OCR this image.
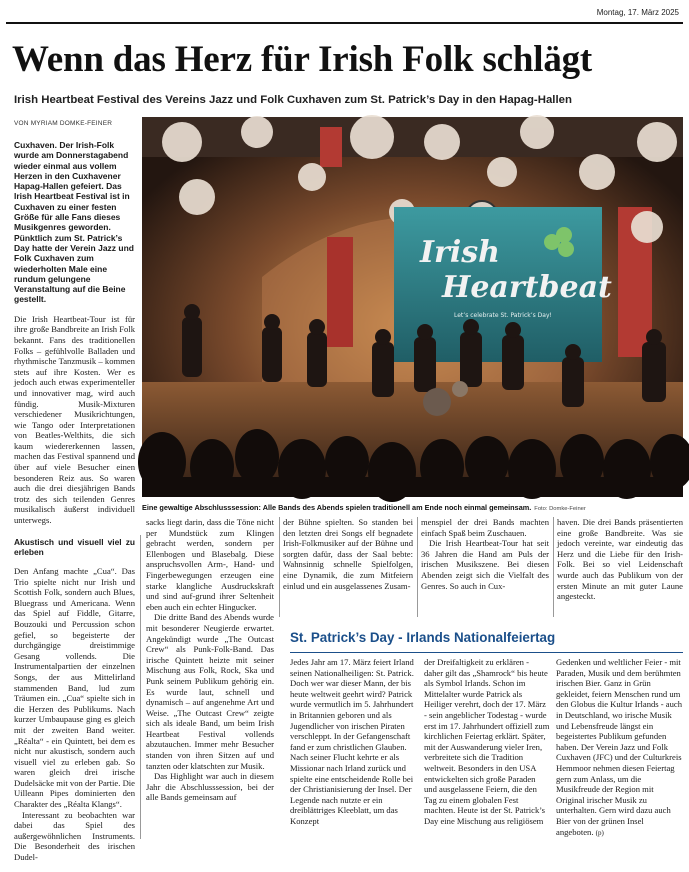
Montag, 17. März 2025
Wenn das Herz für Irish Folk schlägt
Irish Heartbeat Festival des Vereins Jazz und Folk Cuxhaven zum St. Patrick’s Day in den Hapag-Hallen
VON MYRIAM DOMKE-FEINER

Cuxhaven. Der Irish-Folk wurde am Donnerstagabend wieder einmal aus vollem Herzen in den Cuxhavener Hapag-Hallen gefeiert. Das Irish Heartbeat Festival ist in Cuxhaven zu einer festen Größe für alle Fans dieses Musikgenres geworden. Pünktlich zum St. Patrick’s Day hatte der Verein Jazz und Folk Cuxhaven zum wiederholten Male eine rundum gelungene Veranstaltung auf die Beine gestellt.

Die Irish Heartbeat-Tour ist für ihre große Bandbreite an Irish Folk bekannt. Fans des traditionellen Folks – gefühlvolle Balladen und rhythmische Tanzmusik – kommen stets auf ihre Kosten. Wer es jedoch auch etwas experimenteller und innovativer mag, wird auch fündig. Musik-Mixturen verschiedener Musikrichtungen, wie Tango oder Interpretationen von Beatles-Welthits, die sich kaum wiedererkennen lassen, machen das Festival spannend und über auf viele Besucher einen besonderen Reiz aus. So waren auch die drei diesjährigen Bands trotz des sich teilenden Genres musikalisch äußerst individuell unterwegs.

Akustisch und visuell viel zu erleben

Den Anfang machte „Cua“. Das Trio spielte nicht nur Irish und Scottish Folk, sondern auch Blues, Bluegrass und Americana. Wenn das Spiel auf Fiddle, Gitarre, Bouzouki und Percussion schon gefiel, so begeisterte der durchgängige dreistimmige Gesang vollends. Die Instrumentalpartien der einzelnen Songs, der aus Mittelirland stammenden Band, lud zum Träumen ein. „Cua“ spielte sich in die Herzen des Publikums. Nach kurzer Umbaupause ging es gleich mit der zweiten Band weiter. „Réalta“ - ein Quintett, bei dem es nicht nur akustisch, sondern auch visuell viel zu erleben gab. So waren gleich drei irische Dudelsäcke mit von der Partie. Die Uilleann Pipes dominierten den Charakter des „Réalta Klangs“.

Interessant zu beobachten war dabei das Spiel des außergewöhnlichen Instruments. Die Besonderheit des irischen Dudel-

Irish
Heartbeat
Let’s celebrate St. Patrick’s Day!
Eine gewaltige Abschlusssession: Alle Bands des Abends spielen traditionell am Ende noch einmal gemeinsam. Foto: Domke-Feiner

sacks liegt darin, dass die Töne nicht per Mundstück zum Klingen gebracht werden, sondern per Ellenbogen und Blasebalg. Diese anspruchsvollen Arm-, Hand- und Fingerbewegungen erzeugen eine starke klangliche Ausdruckskraft und sind auf-grund ihrer Seltenheit eben auch ein echter Hingucker.

Die dritte Band des Abends wurde mit besonderer Neugierde erwartet. Angekündigt wurde „The Outcast Crew“ als Punk-Folk-Band. Das irische Quintett heizte mit seiner Mischung aus Folk, Rock, Ska und Punk seinem Publikum gehörig ein. Es wurde laut, schnell und dynamisch – auf angenehme Art und Weise. „The Outcast Crew“ zeigte sich als ideale Band, um beim Irish Heartbeat Festival vollends abzutauchen. Immer mehr Besucher standen von ihren Sitzen auf und tanzten oder klatschten zur Musik.

Das Highlight war auch in diesem Jahr die Abschlusssession, bei der alle Bands gemeinsam auf

der Bühne spielten. So standen bei den letzten drei Songs elf begnadete Irish-Folkmusiker auf der Bühne und sorgten dafür, dass der Saal bebte: Wahnsinnig schnelle Spielfolgen, eine Dynamik, die zum Mitfeiern einlud und ein ausgelassenes Zusam-

menspiel der drei Bands machten einfach Spaß beim Zuschauen.

Die Irish Heartbeat-Tour hat seit 36 Jahren die Hand am Puls der irischen Musikszene. Bei diesen Abenden zeigt sich die Vielfalt des Genres. So auch in Cux-

haven. Die drei Bands präsentierten eine große Bandbreite. Was sie jedoch vereinte, war eindeutig das Herz und die Liebe für den Irish-Folk. Bei so viel Leidenschaft wurde auch das Publikum von der ersten Minute an mit guter Laune angesteckt.

St. Patrick’s Day - Irlands Nationalfeiertag

Jedes Jahr am 17. März feiert Irland seinen Nationalheiligen: St. Patrick. Doch wer war dieser Mann, der bis heute weltweit geehrt wird? Patrick wurde vermutlich im 5. Jahrhundert in Britannien geboren und als Jugendlicher von irischen Piraten verschleppt. In der Gefangenschaft fand er zum christlichen Glauben. Nach seiner Flucht kehrte er als Missionar nach Irland zurück und spielte eine entscheidende Rolle bei der Christianisierung der Insel. Der Legende nach nutzte er ein dreiblättriges Kleeblatt, um das Konzept

der Dreifaltigkeit zu erklären - daher gilt das „Shamrock“ bis heute als Symbol Irlands. Schon im Mittelalter wurde Patrick als Heiliger verehrt, doch der 17. März - sein angeblicher Todestag - wurde erst im 17. Jahrhundert offiziell zum kirchlichen Feiertag erklärt. Später, mit der Auswanderung vieler Iren, verbreitete sich die Tradition weltweit. Besonders in den USA entwickelten sich große Paraden und ausgelassene Feiern, die den Tag zu einem globalen Fest machten. Heute ist der St. Patrick’s Day eine Mischung aus religiösem

Gedenken und weltlicher Feier - mit Paraden, Musik und dem berühmten irischen Bier. Ganz in Grün gekleidet, feiern Menschen rund um den Globus die Kultur Irlands - auch in Deutschland, wo irische Musik und Lebensfreude längst ein begeistertes Publikum gefunden haben. Der Verein Jazz und Folk Cuxhaven (JFC) und der Culturkreis Hemmoor nehmen diesen Feiertag gern zum Anlass, um die Musikfreude der Region mit Original irischer Musik zu unterhalten. Gern wird dazu auch Bier von der grünen Insel angeboten. (p)
